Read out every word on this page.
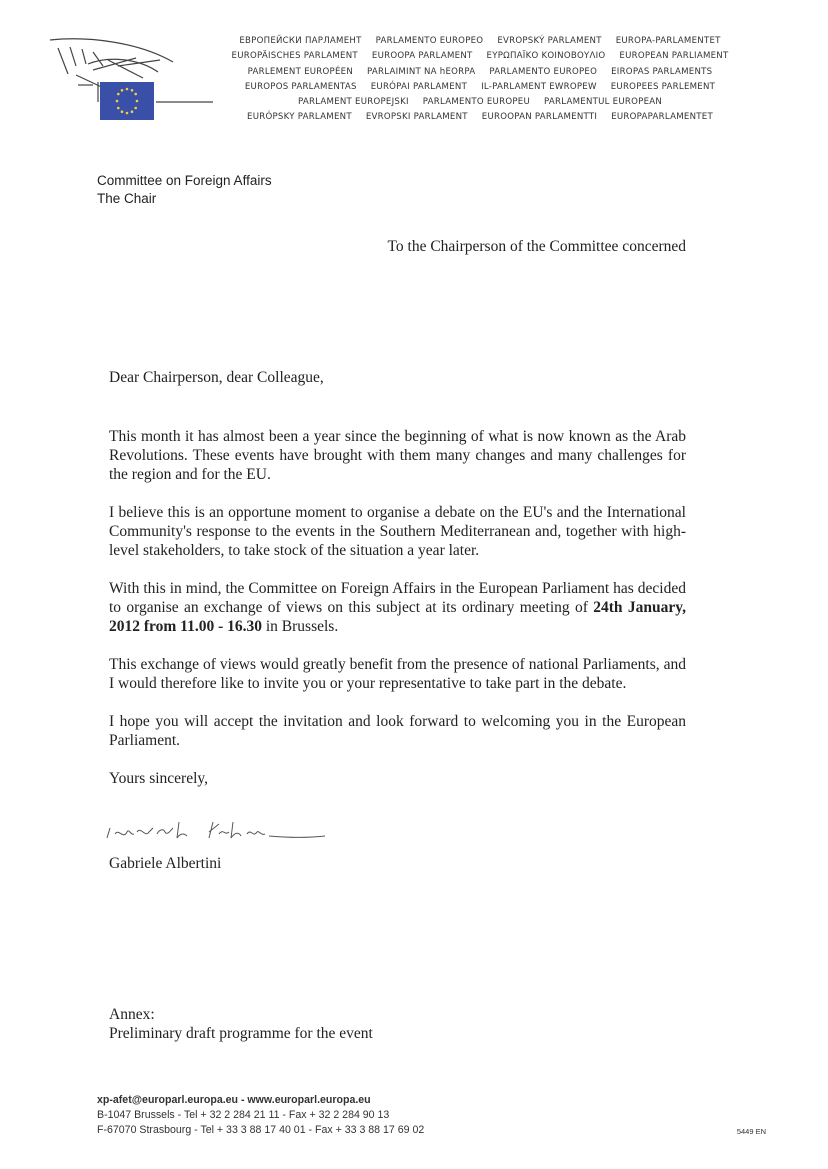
ЕВРОПЕЙСКИ ПАРЛАМЕНТ PARLAMENTO EUROPEO EVROPSKÝ PARLAMENT EUROPA-PARLAMENTET
EUROPÄISCHES PARLAMENT EUROOPA PARLAMENT ΕΥΡΩΠΑΪΚΟ ΚΟΙΝΟΒΟΥΛΙΟ EUROPEAN PARLIAMENT
PARLEMENT EUROPÉEN PARLAIMINT NA hEORPA PARLAMENTO EUROPEO EIROPAS PARLAMENTS
EUROPOS PARLAMENTAS EURÓPAI PARLAMENT IL-PARLAMENT EWROPEW EUROPEES PARLEMENT
PARLAMENT EUROPEJSKI PARLAMENTO EUROPEU PARLAMENTUL EUROPEAN
EURÓPSKY PARLAMENT EVROPSKI PARLAMENT EUROOPAN PARLAMENTTI EUROPAPARLAMENTET
Committee on Foreign Affairs
The Chair
To the Chairperson of the Committee concerned

Dear Chairperson, dear Colleague,

This month it has almost been a year since the beginning of what is now known as the Arab Revolutions. These events have brought with them many changes and many challenges for the region and for the EU.

I believe this is an opportune moment to organise a debate on the EU's and the International Community's response to the events in the Southern Mediterranean and, together with high-level stakeholders, to take stock of the situation a year later.

With this in mind, the Committee on Foreign Affairs in the European Parliament has decided to organise an exchange of views on this subject at its ordinary meeting of 24th January, 2012 from 11.00 - 16.30 in Brussels.

This exchange of views would greatly benefit from the presence of national Parliaments, and I would therefore like to invite you or your representative to take part in the debate.

I hope you will accept the invitation and look forward to welcoming you in the European Parliament.

Yours sincerely,

Gabriele Albertini

Annex:
Preliminary draft programme for the event
xp-afet@europarl.europa.eu - www.europarl.europa.eu
B-1047 Brussels - Tel + 32 2 284 21 11 - Fax + 32 2 284 90 13
F-67070 Strasbourg - Tel + 33 3 88 17 40 01 - Fax + 33 3 88 17 69 02	5449 EN
